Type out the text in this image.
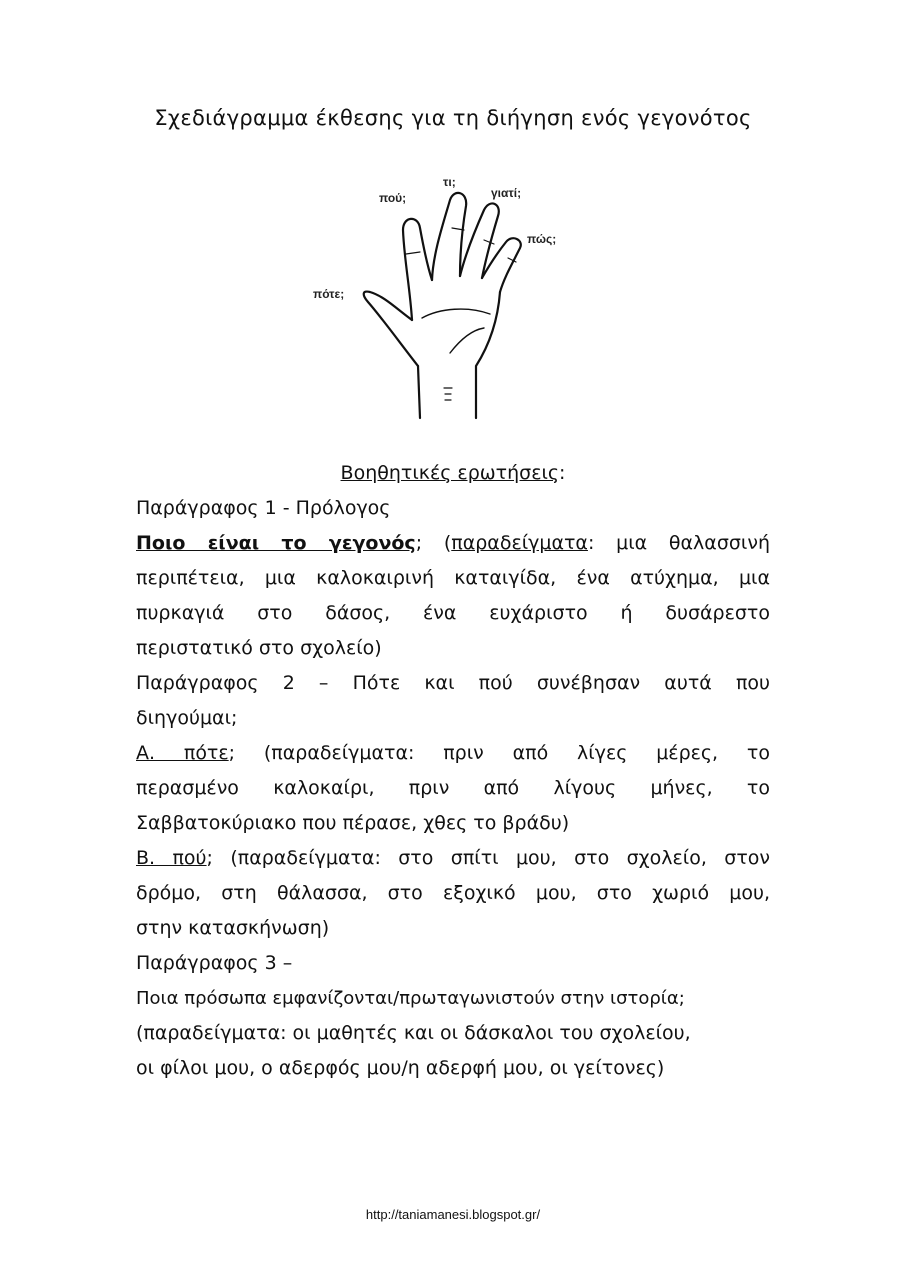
Σχεδιάγραμμα έκθεσης για τη διήγηση ενός γεγονότος
πότε;
πού;
τι;
γιατί;
πώς;
Βοηθητικές ερωτήσεις:
Παράγραφος 1 - Πρόλογος
Ποιο είναι το γεγονός; (παραδείγματα: μια θαλασσινή
περιπέτεια, μια καλοκαιρινή καταιγίδα, ένα ατύχημα, μια
πυρκαγιά στο δάσος, ένα ευχάριστο ή δυσάρεστο
περιστατικό στο σχολείο)
Παράγραφος 2 – Πότε και πού συνέβησαν αυτά που
διηγούμαι;
Α. πότε; (παραδείγματα: πριν από λίγες μέρες, το
περασμένο καλοκαίρι, πριν από λίγους μήνες, το
Σαββατοκύριακο που πέρασε, χθες το βράδυ)
Β. πού; (παραδείγματα: στο σπίτι μου, στο σχολείο, στον
δρόμο, στη θάλασσα, στο εξοχικό μου, στο χωριό μου,
στην κατασκήνωση)
Παράγραφος 3 –
Ποια πρόσωπα εμφανίζονται/πρωταγωνιστούν στην ιστορία;
(παραδείγματα: οι μαθητές και οι δάσκαλοι του σχολείου,
οι φίλοι μου, ο αδερφός μου/η αδερφή μου, οι γείτονες)
http://taniamanesi.blogspot.gr/
